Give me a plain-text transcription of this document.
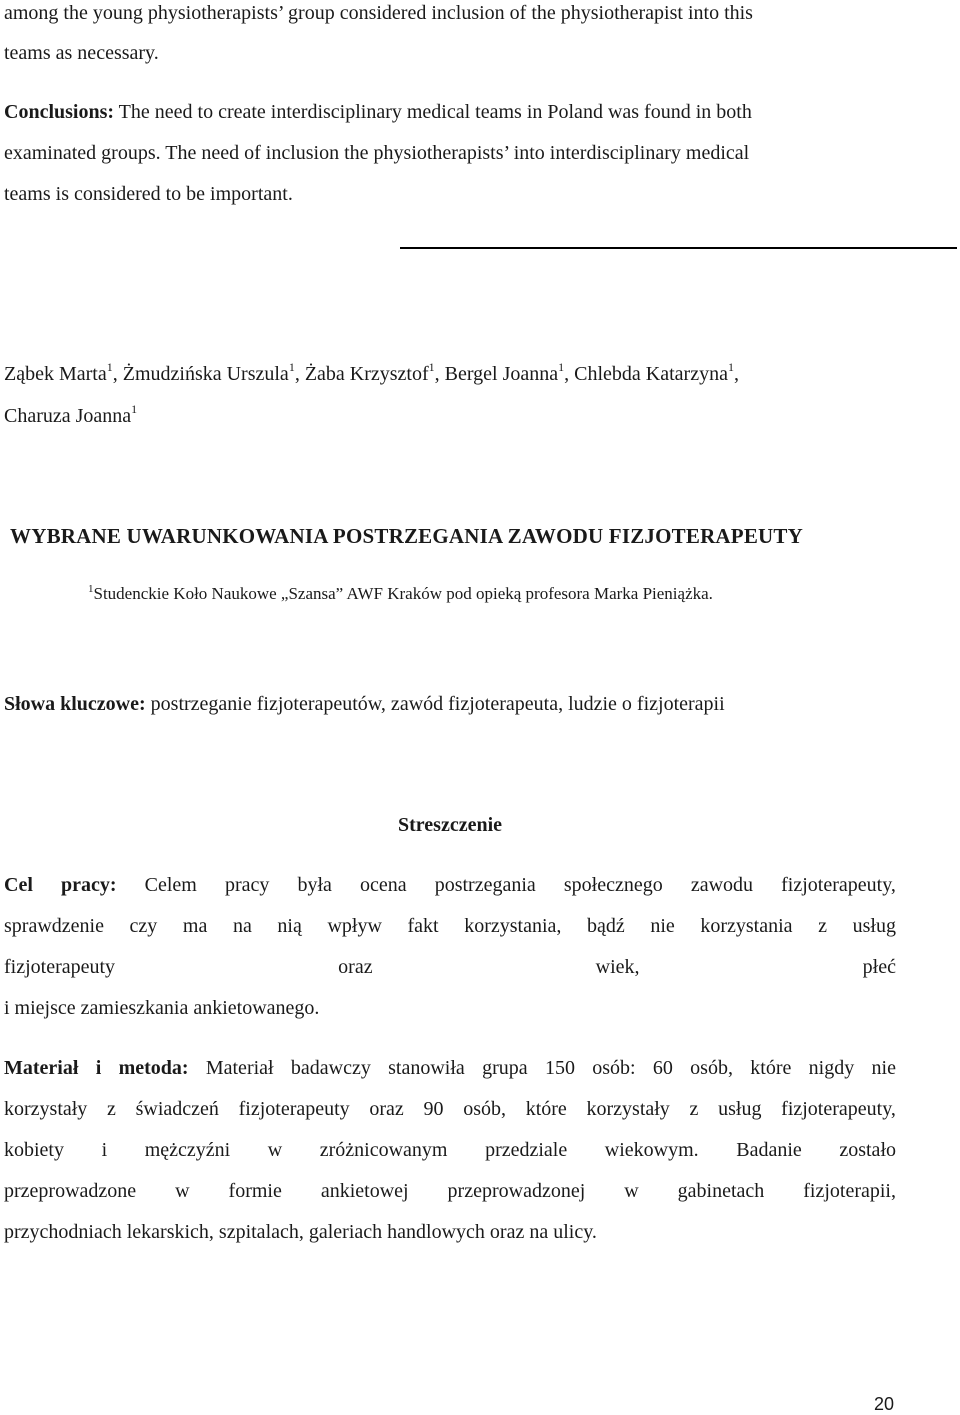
among the young physiotherapists’ group considered inclusion of the physiotherapist into this
teams as necessary.
Conclusions: The need to create interdisciplinary medical teams in Poland was found in both
examinated groups. The need of inclusion the physiotherapists’ into interdisciplinary medical
teams is considered to be important.
Ząbek Marta$^1$, Żmudzińska Urszula$^1$, Żaba Krzysztof$^1$, Bergel Joanna$^1$, Chlebda Katarzyna$^1$,
Charuza Joanna$^1$
WYBRANE UWARUNKOWANIA POSTRZEGANIA ZAWODU FIZJOTERAPEUTY
$^1$Studenckie Koło Naukowe „Szansa” AWF Kraków pod opieką profesora Marka Pieniążka.
Słowa kluczowe: postrzeganie fizjoterapeutów, zawód fizjoterapeuta, ludzie o fizjoterapii
Streszczenie
Cel pracy: Celem pracy była ocena postrzegania społecznego zawodu fizjoterapeuty,
sprawdzenie czy ma na nią wpływ fakt korzystania, bądź nie korzystania z usług
fizjoterapeuty	oraz	wiek,	płeć
i miejsce zamieszkania ankietowanego.
Materiał i metoda: Materiał badawczy stanowiła grupa 150 osób: 60 osób, które nigdy nie
korzystały z świadczeń fizjoterapeuty oraz 90 osób, które korzystały z usług fizjoterapeuty,
kobiety i mężczyźni w zróżnicowanym przedziale wiekowym. Badanie zostało
przeprowadzone w formie ankietowej przeprowadzonej w gabinetach fizjoterapii,
przychodniach lekarskich, szpitalach, galeriach handlowych oraz na ulicy.
20
